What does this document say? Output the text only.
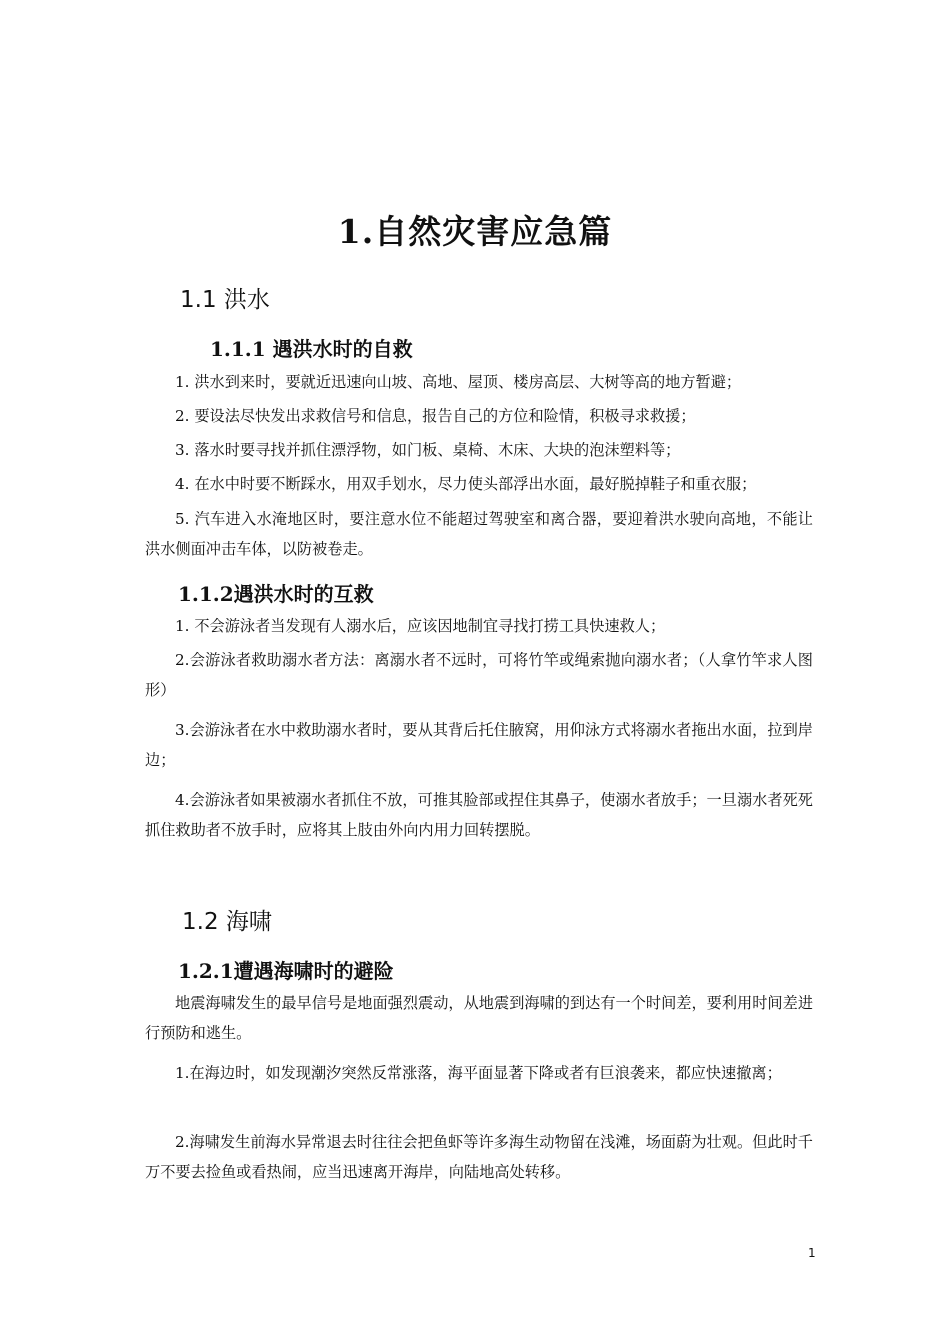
1.自然灾害应急篇
1.1 洪水
1.1.1 遇洪水时的自救
1. 洪水到来时，要就近迅速向山坡、高地、屋顶、楼房高层、大树等高的地方暂避；
2. 要设法尽快发出求救信号和信息，报告自己的方位和险情，积极寻求救援；
3. 落水时要寻找并抓住漂浮物，如门板、桌椅、木床、大块的泡沫塑料等；
4. 在水中时要不断踩水，用双手划水，尽力使头部浮出水面，最好脱掉鞋子和重衣服；
5. 汽车进入水淹地区时，要注意水位不能超过驾驶室和离合器，要迎着洪水驶向高地，不能让洪水侧面冲击车体，以防被卷走。
1.1.2遇洪水时的互救
1. 不会游泳者当发现有人溺水后，应该因地制宜寻找打捞工具快速救人；
2.会游泳者救助溺水者方法：离溺水者不远时，可将竹竿或绳索抛向溺水者；（人拿竹竿求人图形）
3.会游泳者在水中救助溺水者时，要从其背后托住腋窝，用仰泳方式将溺水者拖出水面，拉到岸边；
4.会游泳者如果被溺水者抓住不放，可推其脸部或捏住其鼻子，使溺水者放手；一旦溺水者死死抓住救助者不放手时，应将其上肢由外向内用力回转摆脱。
1.2 海啸
1.2.1遭遇海啸时的避险
地震海啸发生的最早信号是地面强烈震动，从地震到海啸的到达有一个时间差，要利用时间差进行预防和逃生。
1.在海边时，如发现潮汐突然反常涨落，海平面显著下降或者有巨浪袭来，都应快速撤离；
2.海啸发生前海水异常退去时往往会把鱼虾等许多海生动物留在浅滩，场面蔚为壮观。但此时千万不要去捡鱼或看热闹，应当迅速离开海岸，向陆地高处转移。
1
